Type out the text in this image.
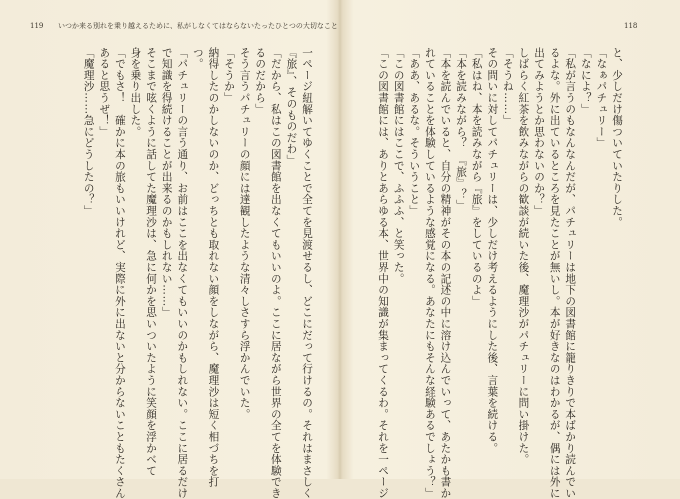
119 いつか来る別れを乗り越えるために、私がしなくてはならないたったひとつの大切なこと
一ページ紐解いてゆくことで全てを見渡せるし、どこにだって行けるの。それはまさしく
『旅』、そのものだわ」
「だから、私はこの図書館を出なくてもいいのよ。ここに居ながら世界の全てを体験でき
るのだから」
そう言うパチュリーの顔には達観したような清々しさすら浮かんでいた。
「そうか」
納得したのかしないのか、どっちとも取れない顔をしながら、魔理沙は短く相づちを打
つ。
「パチュリーの言う通り、お前はここを出なくてもいいのかもしれない。ここに居るだけ
で知識を得続けることが出来るのかもしれない……」
そこまで呟くように話してた魔理沙は、急に何かを思いついたように笑顔を浮かべて
身を乗り出した。
「でもさ！　確かに本の旅もいいけれど、実際に外に出ないと分からないこともたくさん
あると思うぜ！」
「魔理沙……急にどうしたの？」
118
と、少しだけ傷ついていたりした。
「なぁパチュリー」
「なによ？」
「私が言うのもなんなんだが、パチュリーは地下の図書館に籠りきりで本ばかり読んでい
るよな。外に出ているところを見たことが無いし。本が好きなのはわかるが、偶には外に
出てみようとか思わないのか？」
しばらく紅茶を飲みながらの歓談が続いた後、魔理沙がパチュリーに問い掛けた。
「そうね……」
その問いに対してパチュリーは、少しだけ考えるようにした後、言葉を続ける。
「私はね、本を読みながら『旅』をしているのよ」
「本を読みながら？　『旅』？」
「本を読んでいると、自分の精神がその本の記述の中に溶け込んでいって、あたかも書か
れていることを体験しているような感覚になる。あなたにもそんな経験あるでしょう？」
「ああ、あるな。そういうこと」
「この図書館にはここで、ふふふ、と笑った。
「この図書館には、ありとあらゆる本、世界中の知識が集まってくるわ。それを一ページ
